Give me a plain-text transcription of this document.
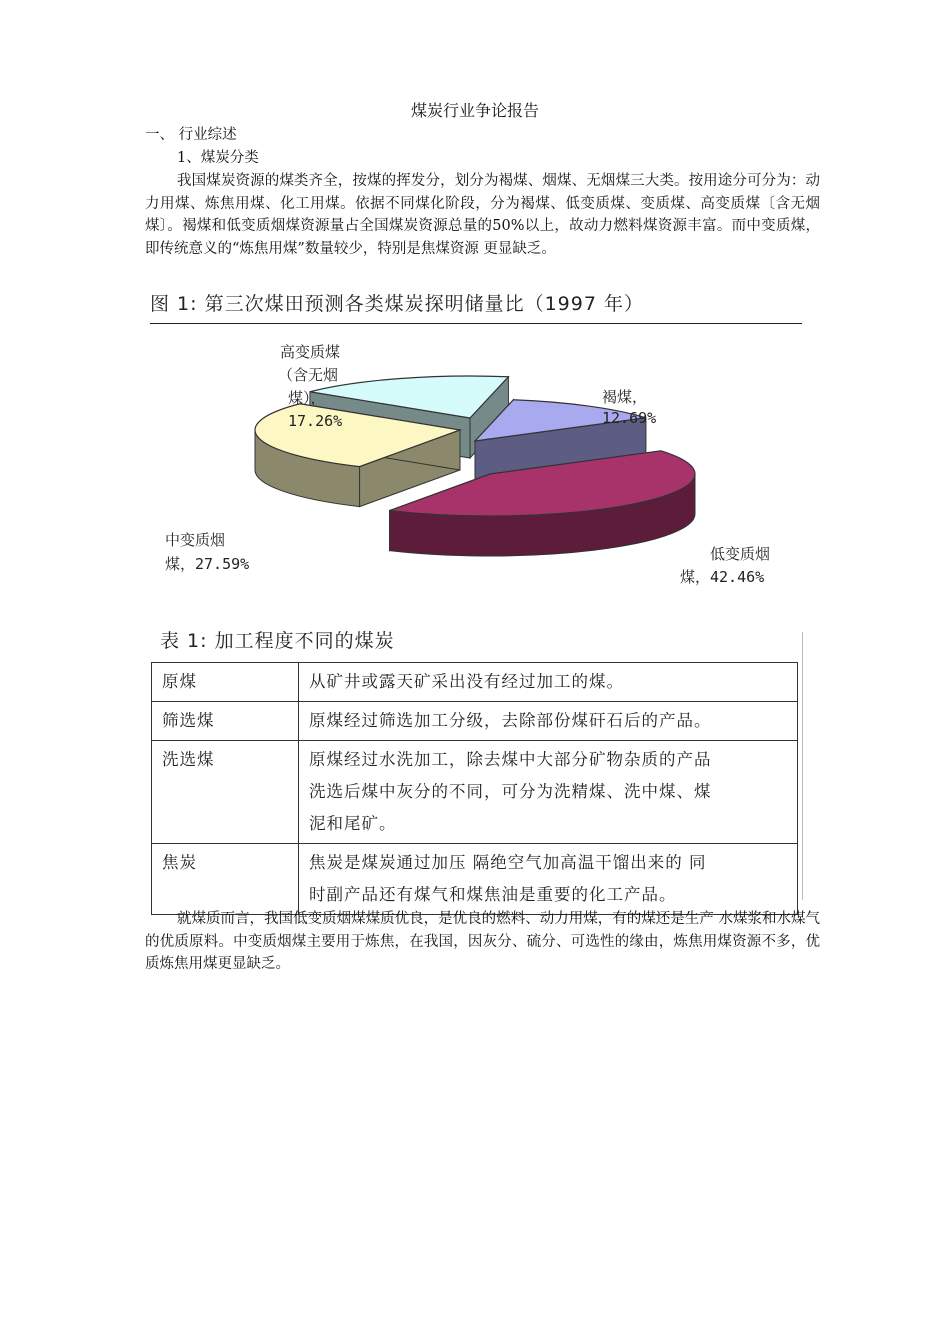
煤炭行业争论报告
一、 行业综述
1、煤炭分类
我国煤炭资源的煤类齐全，按煤的挥发分，划分为褐煤、烟煤、无烟煤三大类。按用途分可分为：动力用煤、炼焦用煤、化工用煤。依据不同煤化阶段，分为褐煤、低变质煤、变质煤、高变质煤〔含无烟煤〕。褐煤和低变质烟煤资源量占全国煤炭资源总量的50%以上，故动力燃料煤资源丰富。而中变质煤，即传统意义的“炼焦用煤”数量较少，特别是焦煤资源 更显缺乏。
图 1: 第三次煤田预测各类煤炭探明储量比（1997 年）
褐煤，
12.69%
低变质烟
煤，42.46%
中变质烟
煤，27.59%
高变质煤
（含无烟
煤），
17.26%
表 1: 加工程度不同的煤炭
原煤	从矿井或露天矿采出没有经过加工的煤。

筛选煤	原煤经过筛选加工分级，去除部份煤矸石后的产品。

洗选煤	原煤经过水洗加工，除去煤中大部分矿物杂质的产品
洗选后煤中灰分的不同，可分为洗精煤、洗中煤、煤
泥和尾矿。

焦炭	焦炭是煤炭通过加压 隔绝空气加高温干馏出来的 同
时副产品还有煤气和煤焦油是重要的化工产品。
就煤质而言，我国低变质烟煤煤质优良，是优良的燃料、动力用煤，有的煤还是生产 水煤浆和水煤气的优质原料。中变质烟煤主要用于炼焦，在我国，因灰分、硫分、可选性的缘由，炼焦用煤资源不多，优质炼焦用煤更显缺乏。
